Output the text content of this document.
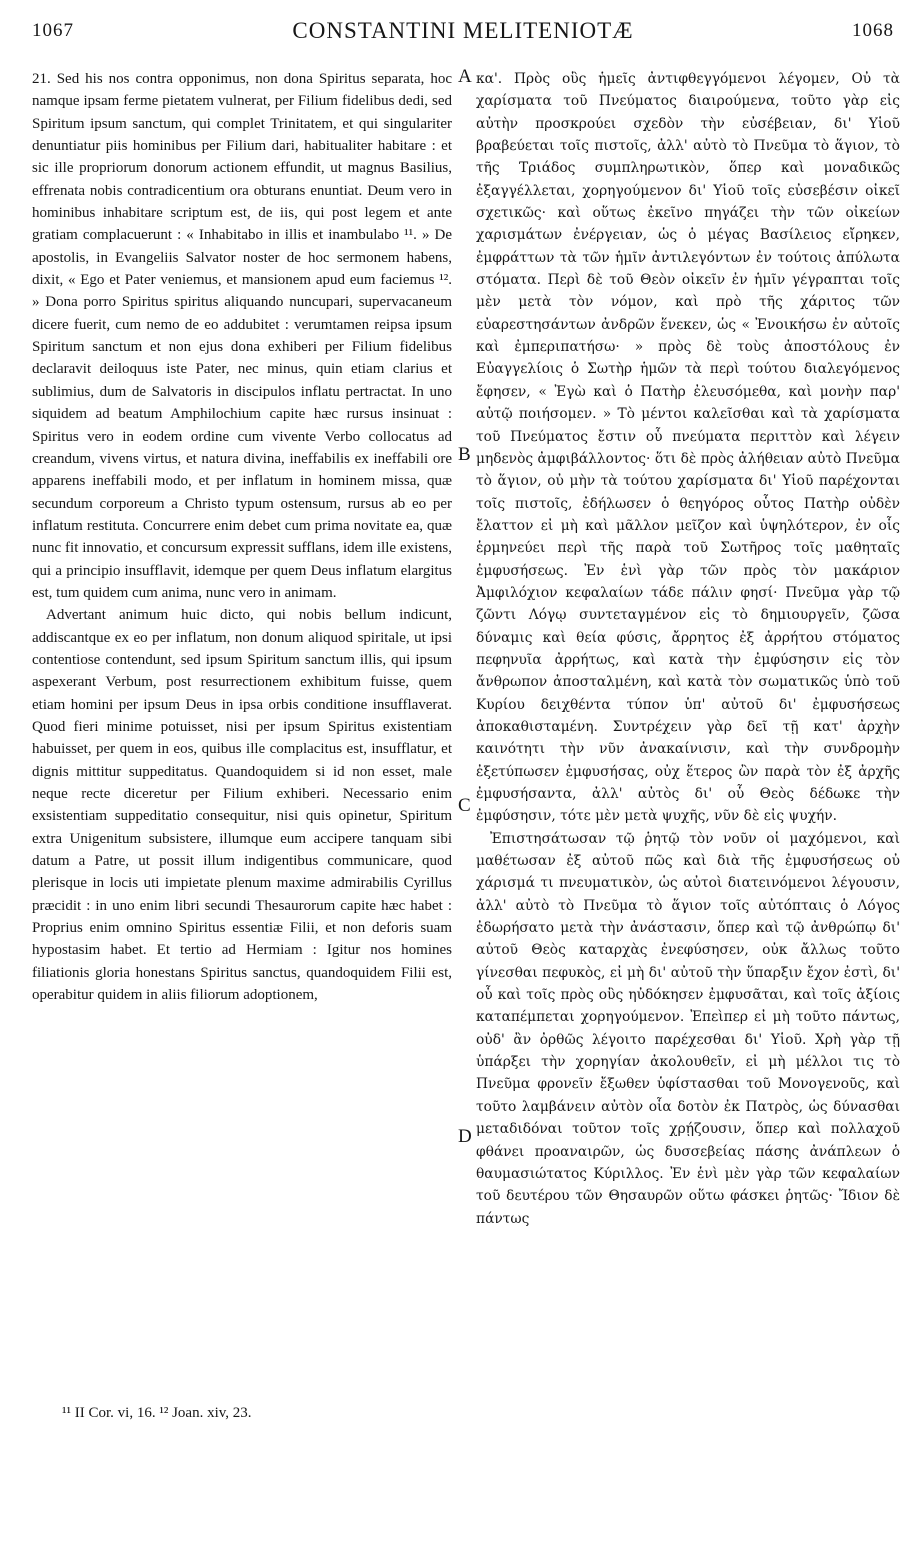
1067	CONSTANTINI MELITENIOTÆ	1068

21. Sed his nos contra opponimus, non dona Spiritus separata, hoc namque ipsam ferme pietatem vulnerat, per Filium fidelibus dedi, sed Spiritum ipsum sanctum, qui complet Trinitatem, et qui singulariter denuntiatur piis hominibus per Filium dari, habitualiter habitare : et sic ille propriorum donorum actionem effundit, ut magnus Basilius, effrenata nobis contradicentium ora obturans enuntiat. Deum vero in hominibus inhabitare scriptum est, de iis, qui post legem et ante gratiam complacuerunt : « Inhabitabo in illis et inambulabo ¹¹. » De apostolis, in Evangeliis Salvator noster de hoc sermonem habens, dixit, « Ego et Pater veniemus, et mansionem apud eum faciemus ¹². » Dona porro Spiritus spiritus aliquando nuncupari, supervacaneum dicere fuerit, cum nemo de eo addubitet : verumtamen reipsa ipsum Spiritum sanctum et non ejus dona exhiberi per Filium fidelibus declaravit deiloquus iste Pater, nec minus, quin etiam clarius et sublimius, dum de Salvatoris in discipulos inflatu pertractat. In uno siquidem ad beatum Amphilochium capite hæc rursus insinuat : Spiritus vero in eodem ordine cum vivente Verbo collocatus ad creandum, vivens virtus, et natura divina, ineffabilis ex ineffabili ore apparens ineffabili modo, et per inflatum in hominem missa, quæ secundum corporeum a Christo typum ostensum, rursus ab eo per inflatum restituta. Concurrere enim debet cum prima novitate ea, quæ nunc fit innovatio, et concursum expressit sufflans, idem ille existens, qui a principio insufflavit, idemque per quem Deus inflatum elargitus est, tum quidem cum anima, nunc vero in animam.

Advertant animum huic dicto, qui nobis bellum indicunt, addiscantque ex eo per inflatum, non donum aliquod spiritale, ut ipsi contentiose contendunt, sed ipsum Spiritum sanctum illis, qui ipsum aspexerant Verbum, post resurrectionem exhibitum fuisse, quem etiam homini per ipsum Deus in ipsa orbis conditione insufflaverat. Quod fieri minime potuisset, nisi per ipsum Spiritus existentiam habuisset, per quem in eos, quibus ille complacitus est, insufflatur, et dignis mittitur suppeditatus. Quandoquidem si id non esset, male neque recte diceretur per Filium exhiberi. Necessario enim exsistentiam suppeditatio consequitur, nisi quis opinetur, Spiritum extra Unigenitum subsistere, illumque eum accipere tanquam sibi datum a Patre, ut possit illum indigentibus communicare, quod plerisque in locis uti impietate plenum maxime admirabilis Cyrillus præcidit : in uno enim libri secundi Thesaurorum capite hæc habet : Proprius enim omnino Spiritus essentiæ Filii, et non deforis suam hypostasim habet. Et tertio ad Hermiam : Igitur nos homines filiationis gloria honestans Spiritus sanctus, quandoquidem Filii est, operabitur quidem in aliis filiorum adoptionem,

κα'. Πρὸς οὓς ἡμεῖς ἀντιφθεγγόμενοι λέγομεν, Οὐ τὰ χαρίσματα τοῦ Πνεύματος διαιρούμενα, τοῦτο γὰρ εἰς αὐτὴν προσκρούει σχεδὸν τὴν εὐσέβειαν, δι' Υἱοῦ βραβεύεται τοῖς πιστοῖς, ἀλλ' αὐτὸ τὸ Πνεῦμα τὸ ἅγιον, τὸ τῆς Τριάδος συμπληρωτικὸν, ὅπερ καὶ μοναδικῶς ἐξαγγέλλεται, χορηγούμενον δι' Υἱοῦ τοῖς εὐσεβέσιν οἰκεῖ σχετικῶς· καὶ οὕτως ἐκεῖνο πηγάζει τὴν τῶν οἰκείων χαρισμάτων ἐνέργειαν, ὡς ὁ μέγας Βασίλειος εἴρηκεν, ἐμφράττων τὰ τῶν ἡμῖν ἀντιλεγόντων ἐν τούτοις ἀπύλωτα στόματα. Περὶ δὲ τοῦ Θεὸν οἰκεῖν ἐν ἡμῖν γέγραπται τοῖς μὲν μετὰ τὸν νόμον, καὶ πρὸ τῆς χάριτος τῶν εὐαρεστησάντων ἀνδρῶν ἕνεκεν, ὡς « Ἐνοικήσω ἐν αὐτοῖς καὶ ἐμπεριπατήσω· » πρὸς δὲ τοὺς ἀποστόλους ἐν Εὐαγγελίοις ὁ Σωτὴρ ἡμῶν τὰ περὶ τούτου διαλεγόμενος ἔφησεν, « Ἐγὼ καὶ ὁ Πατὴρ ἐλευσόμεθα, καὶ μονὴν παρ' αὐτῷ ποιήσομεν. » Τὸ μέντοι καλεῖσθαι καὶ τὰ χαρίσματα τοῦ Πνεύματος ἔστιν οὗ πνεύματα περιττὸν καὶ λέγειν μηδενὸς ἀμφιβάλλοντος· ὅτι δὲ πρὸς ἀλήθειαν αὐτὸ Πνεῦμα τὸ ἅγιον, οὐ μὴν τὰ τούτου χαρίσματα δι' Υἱοῦ παρέχονται τοῖς πιστοῖς, ἐδήλωσεν ὁ θεηγόρος οὗτος Πατὴρ οὐδὲν ἔλαττον εἰ μὴ καὶ μᾶλλον μεῖζον καὶ ὑψηλότερον, ἐν οἷς ἑρμηνεύει περὶ τῆς παρὰ τοῦ Σωτῆρος τοῖς μαθηταῖς ἐμφυσήσεως. Ἐν ἑνὶ γὰρ τῶν πρὸς τὸν μακάριον Ἀμφιλόχιον κεφαλαίων τάδε πάλιν φησί· Πνεῦμα γὰρ τῷ ζῶντι Λόγῳ συντεταγμένον εἰς τὸ δημιουργεῖν, ζῶσα δύναμις καὶ θεία φύσις, ἄρρητος ἐξ ἀρρήτου στόματος πεφηνυῖα ἀρρήτως, καὶ κατὰ τὴν ἐμφύσησιν εἰς τὸν ἄνθρωπον ἀποσταλμένη, καὶ κατὰ τὸν σωματικῶς ὑπὸ τοῦ Κυρίου δειχθέντα τύπον ὑπ' αὐτοῦ δι' ἐμφυσήσεως ἀποκαθισταμένη. Συντρέχειν γὰρ δεῖ τῇ κατ' ἀρχὴν καινότητι τὴν νῦν ἀνακαίνισιν, καὶ τὴν συνδρομὴν ἐξετύπωσεν ἐμφυσήσας, οὐχ ἕτερος ὢν παρὰ τὸν ἐξ ἀρχῆς ἐμφυσήσαντα, ἀλλ' αὐτὸς δι' οὗ Θεὸς δέδωκε τὴν ἐμφύσησιν, τότε μὲν μετὰ ψυχῆς, νῦν δὲ εἰς ψυχήν.

Ἐπιστησάτωσαν τῷ ῥητῷ τὸν νοῦν οἱ μαχόμενοι, καὶ μαθέτωσαν ἐξ αὐτοῦ πῶς καὶ διὰ τῆς ἐμφυσήσεως οὐ χάρισμά τι πνευματικὸν, ὡς αὐτοὶ διατεινόμενοι λέγουσιν, ἀλλ' αὐτὸ τὸ Πνεῦμα τὸ ἅγιον τοῖς αὐτόπταις ὁ Λόγος ἐδωρήσατο μετὰ τὴν ἀνάστασιν, ὅπερ καὶ τῷ ἀνθρώπῳ δι' αὐτοῦ Θεὸς καταρχὰς ἐνεφύσησεν, οὐκ ἄλλως τοῦτο γίνεσθαι πεφυκὸς, εἰ μὴ δι' αὐτοῦ τὴν ὕπαρξιν ἔχον ἐστὶ, δι' οὗ καὶ τοῖς πρὸς οὓς ηὐδόκησεν ἐμφυσᾶται, καὶ τοῖς ἀξίοις καταπέμπεται χορηγούμενον. Ἐπεὶπερ εἰ μὴ τοῦτο πάντως, οὐδ' ἂν ὀρθῶς λέγοιτο παρέχεσθαι δι' Υἱοῦ. Χρὴ γὰρ τῇ ὑπάρξει τὴν χορηγίαν ἀκολουθεῖν, εἰ μὴ μέλλοι τις τὸ Πνεῦμα φρονεῖν ἔξωθεν ὑφίστασθαι τοῦ Μονογενοῦς, καὶ τοῦτο λαμβάνειν αὐτὸν οἷα δοτὸν ἐκ Πατρὸς, ὡς δύνασθαι μεταδιδόναι τοῦτον τοῖς χρῄζουσιν, ὅπερ καὶ πολλαχοῦ φθάνει προαναιρῶν, ὡς δυσσεβείας πάσης ἀνάπλεων ὁ θαυμασιώτατος Κύριλλος. Ἐν ἑνὶ μὲν γὰρ τῶν κεφαλαίων τοῦ δευτέρου τῶν Θησαυρῶν οὕτω φάσκει ῥητῶς· Ἴδιον δὲ πάντως

A
B
C
D
¹¹ II Cor. vi, 16. ¹² Joan. xiv, 23.
